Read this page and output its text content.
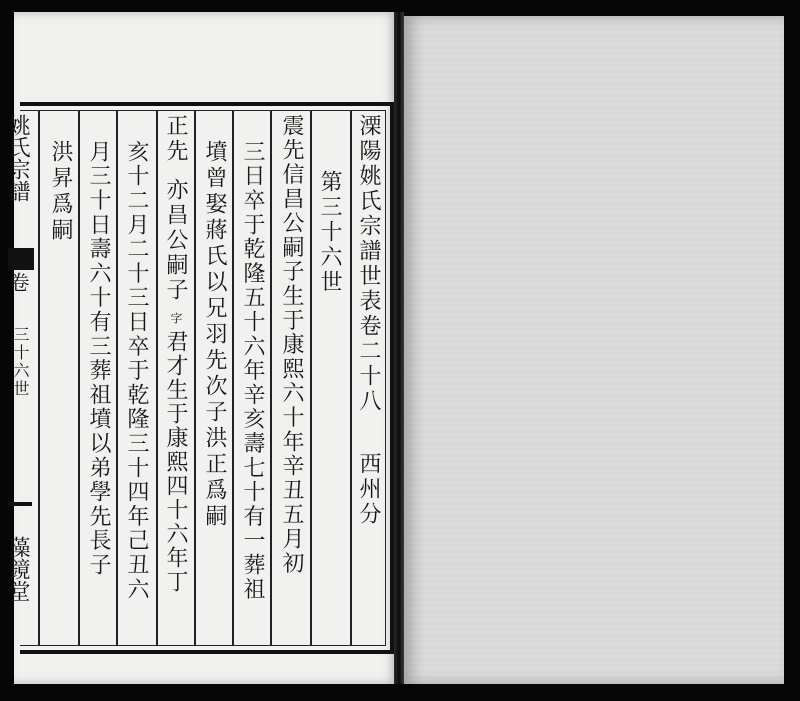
姚氏宗譜
卷
三十六世
一
藻鏡堂
溧陽姚氏宗譜世表卷二十八
西州分
第三十六世
震先信昌公嗣子生于康熙六十年辛丑五月初
三日卒于乾隆五十六年辛亥壽七十有一葬祖
墳曾娶蔣氏以兄羽先次子洪正爲嗣
正先
亦昌公嗣子
字
君才生于康熙四十六年丁
亥十二月二十三日卒于乾隆三十四年己丑六
月三十日壽六十有三葬祖墳以弟學先長子
洪昇爲嗣
